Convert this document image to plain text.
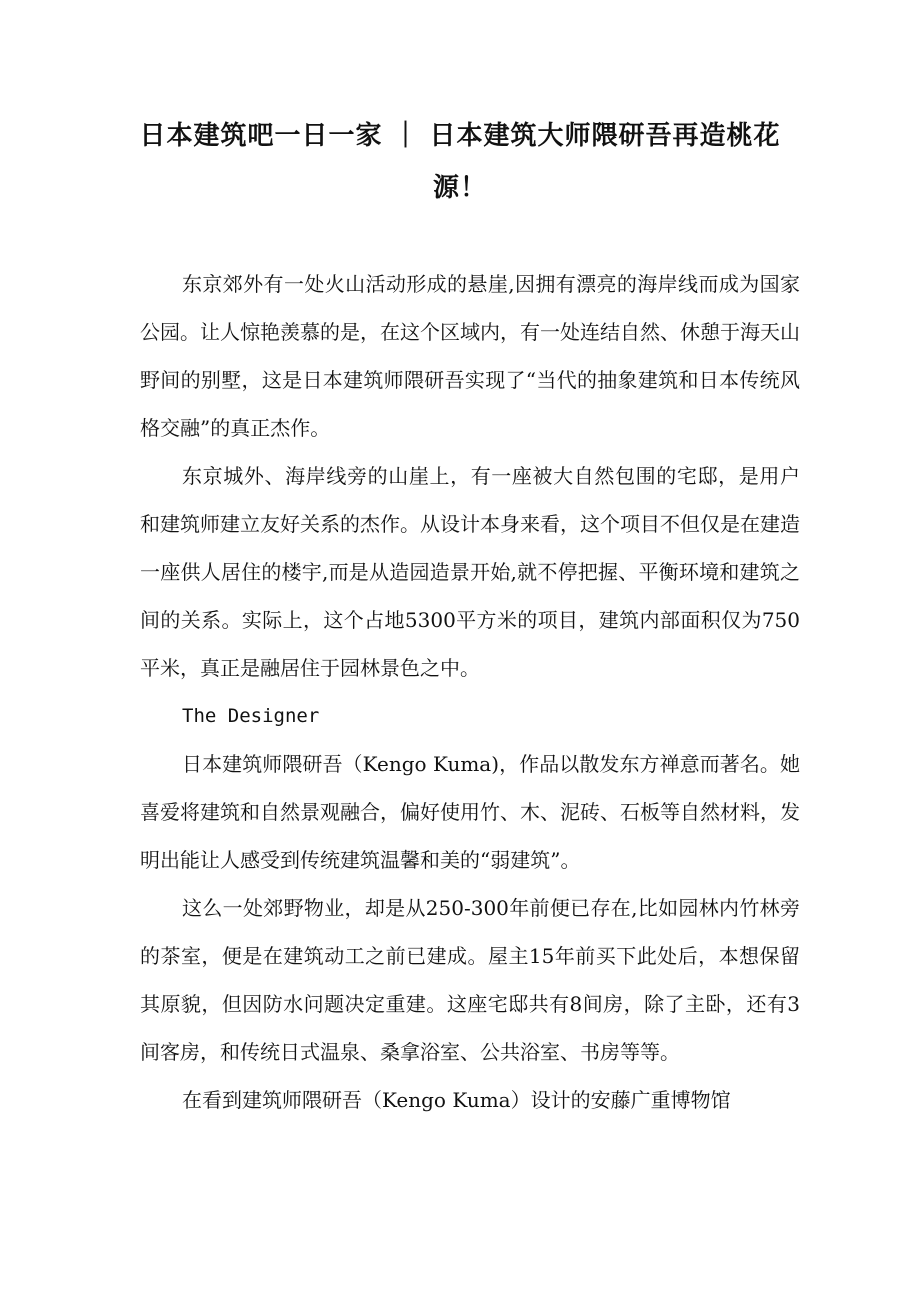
日本建筑吧一日一家 ｜ 日本建筑大师隈研吾再造桃花源！

东京郊外有一处火山活动形成的悬崖,因拥有漂亮的海岸线而成为国家公园。让人惊艳羡慕的是，在这个区域内，有一处连结自然、休憩于海天山野间的别墅，这是日本建筑师隈研吾实现了“当代的抽象建筑和日本传统风格交融”的真正杰作。

东京城外、海岸线旁的山崖上，有一座被大自然包围的宅邸，是用户和建筑师建立友好关系的杰作。从设计本身来看，这个项目不但仅是在建造一座供人居住的楼宇,而是从造园造景开始,就不停把握、平衡环境和建筑之间的关系。实际上，这个占地5300平方米的项目，建筑内部面积仅为750平米，真正是融居住于园林景色之中。

The Designer

日本建筑师隈研吾（Kengo Kuma)，作品以散发东方禅意而著名。她喜爱将建筑和自然景观融合，偏好使用竹、木、泥砖、石板等自然材料，发明出能让人感受到传统建筑温馨和美的“弱建筑”。

这么一处郊野物业，却是从250-300年前便已存在,比如园林内竹林旁的茶室，便是在建筑动工之前已建成。屋主15年前买下此处后，本想保留其原貌，但因防水问题决定重建。这座宅邸共有8间房，除了主卧，还有3间客房，和传统日式温泉、桑拿浴室、公共浴室、书房等等。

在看到建筑师隈研吾（Kengo Kuma）设计的安藤广重博物馆
